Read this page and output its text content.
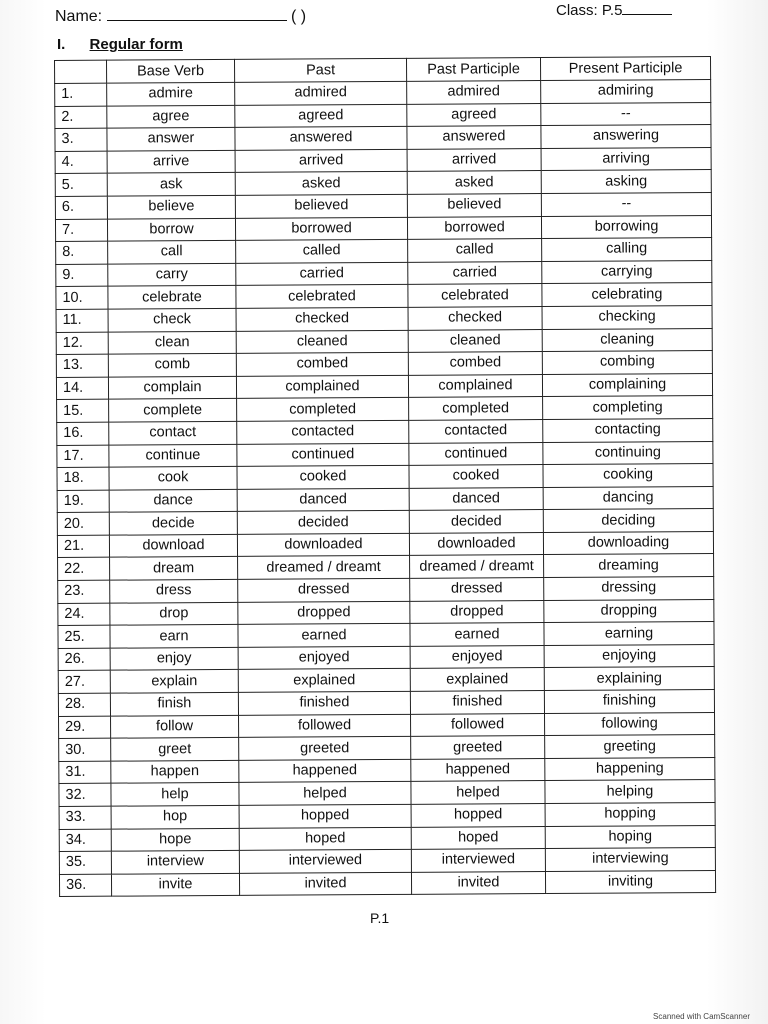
Name:	( )	Class: P.5
I. Regular form
	Base Verb	Past	Past Participle	Present Participle
1.	admire	admired	admired	admiring
2.	agree	agreed	agreed	--
3.	answer	answered	answered	answering
4.	arrive	arrived	arrived	arriving
5.	ask	asked	asked	asking
6.	believe	believed	believed	--
7.	borrow	borrowed	borrowed	borrowing
8.	call	called	called	calling
9.	carry	carried	carried	carrying
10.	celebrate	celebrated	celebrated	celebrating
11.	check	checked	checked	checking
12.	clean	cleaned	cleaned	cleaning
13.	comb	combed	combed	combing
14.	complain	complained	complained	complaining
15.	complete	completed	completed	completing
16.	contact	contacted	contacted	contacting
17.	continue	continued	continued	continuing
18.	cook	cooked	cooked	cooking
19.	dance	danced	danced	dancing
20.	decide	decided	decided	deciding
21.	download	downloaded	downloaded	downloading
22.	dream	dreamed / dreamt	dreamed / dreamt	dreaming
23.	dress	dressed	dressed	dressing
24.	drop	dropped	dropped	dropping
25.	earn	earned	earned	earning
26.	enjoy	enjoyed	enjoyed	enjoying
27.	explain	explained	explained	explaining
28.	finish	finished	finished	finishing
29.	follow	followed	followed	following
30.	greet	greeted	greeted	greeting
31.	happen	happened	happened	happening
32.	help	helped	helped	helping
33.	hop	hopped	hopped	hopping
34.	hope	hoped	hoped	hoping
35.	interview	interviewed	interviewed	interviewing
36.	invite	invited	invited	inviting
P.1
Scanned with CamScanner
